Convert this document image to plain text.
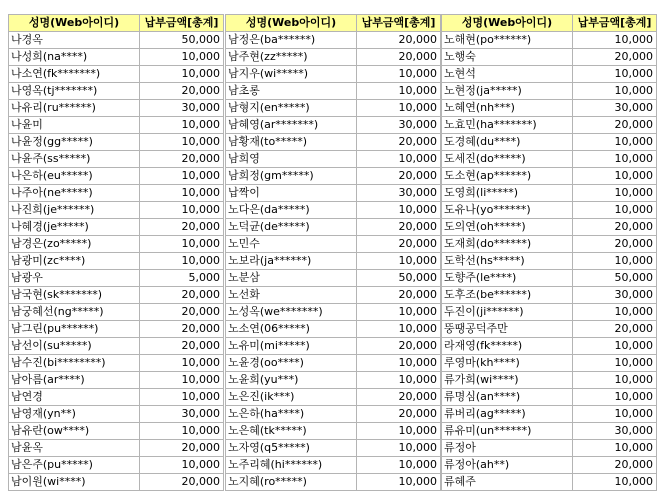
성명(Web아이디)	납부금액[총계]
나경옥	50,000
나성희(na****)	10,000
나소연(fk*******)	10,000
나영옥(tj*******)	20,000
나유리(ru******)	30,000
나윤미	10,000
나윤정(gg*****)	10,000
나윤주(ss*****)	20,000
나은하(eu*****)	10,000
나주아(ne*****)	10,000
나진희(je******)	10,000
나혜경(je*****)	20,000
남경은(zo*****)	10,000
남광미(zc****)	10,000
남광우	5,000
남국현(sk*******)	20,000
남궁혜선(ng*****)	20,000
남그린(pu******)	20,000
남선이(su*****)	20,000
남수진(bi********)	10,000
남아름(ar****)	10,000
남연경	10,000
남영재(yn**)	30,000
남유란(ow****)	10,000
남윤옥	20,000
남은주(pu*****)	10,000
남이원(wi****)	20,000
성명(Web아이디)	납부금액[총계]
남정은(ba******)	20,000
남주현(zz*****)	20,000
남지우(wi*****)	10,000
남초롱	10,000
남형지(en*****)	10,000
남혜영(ar*******)	30,000
남황재(to*****)	20,000
남희영	10,000
남희정(gm*****)	20,000
납짝이	30,000
노다은(da*****)	10,000
노덕균(de*****)	20,000
노민수	20,000
노보라(ja******)	10,000
노분삼	50,000
노선화	20,000
노성옥(we*******)	10,000
노소연(06*****)	10,000
노유미(mi*****)	20,000
노윤경(oo****)	10,000
노윤희(yu***)	10,000
노은진(ik***)	20,000
노은하(ha****)	20,000
노은혜(tk*****)	10,000
노자영(q5*****)	10,000
노주리혜(hi******)	10,000
노지혜(ro*****)	10,000
성명(Web아이디)	납부금액[총계]
노해현(po******)	10,000
노행숙	20,000
노현석	10,000
노현정(ja*****)	10,000
노혜연(nh***)	30,000
노효민(ha*******)	20,000
도경혜(du****)	10,000
도세진(do*****)	10,000
도소현(ap******)	10,000
도영희(li*****)	10,000
도유나(yo******)	10,000
도의연(oh*****)	20,000
도재희(do******)	20,000
도학선(hs*****)	10,000
도향주(le****)	50,000
도후조(be******)	30,000
두진이(ji******)	10,000
뚱땡공덕주만	20,000
라재영(fk*****)	10,000
루영마(kh****)	10,000
류가희(wi****)	10,000
류명심(an****)	10,000
류버리(ag*****)	10,000
류유미(un******)	30,000
류정아	10,000
류정아(ah**)	20,000
류혜주	10,000
